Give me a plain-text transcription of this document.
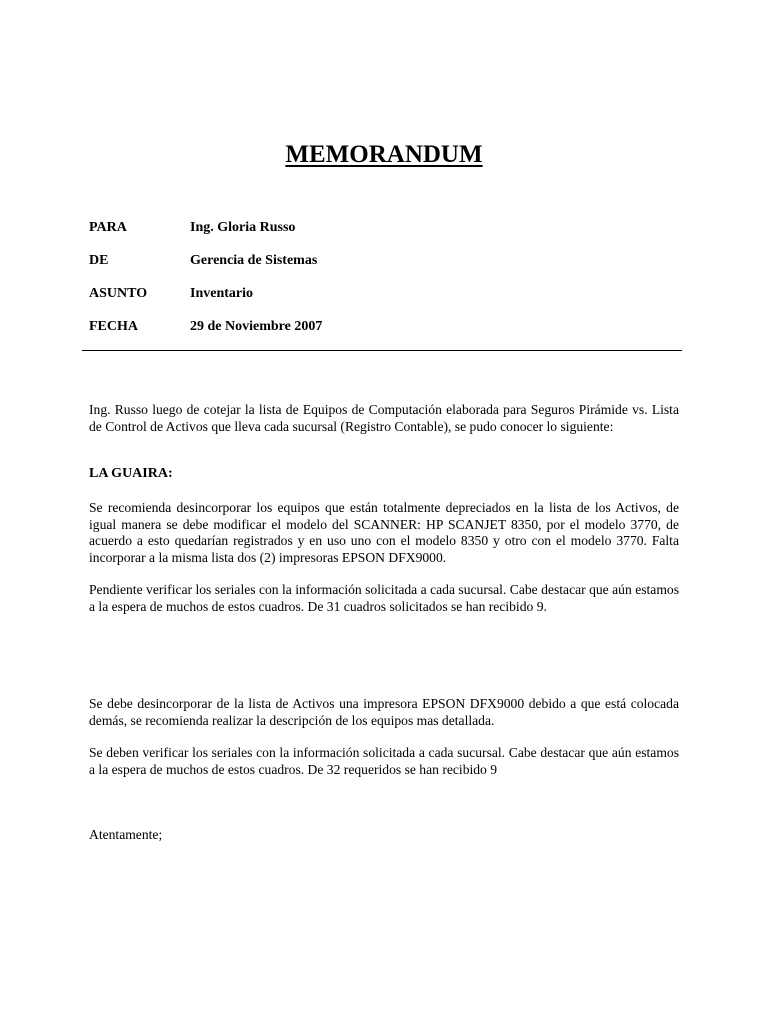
MEMORANDUM
PARA	Ing. Gloria Russo
DE	Gerencia de Sistemas
ASUNTO	Inventario
FECHA	29 de Noviembre 2007
Ing. Russo luego de cotejar la lista de Equipos de Computación elaborada para Seguros Pirámide vs. Lista de Control de Activos que lleva cada sucursal (Registro Contable), se pudo conocer lo siguiente:
LA GUAIRA:
Se recomienda desincorporar los equipos que están totalmente depreciados en la lista de los Activos, de igual manera se debe modificar el modelo del SCANNER: HP SCANJET 8350, por el modelo 3770, de acuerdo a esto quedarían registrados y en uso uno con el modelo 8350 y otro con el modelo 3770. Falta incorporar a la misma lista dos (2) impresoras EPSON DFX9000.
Pendiente verificar los seriales con la información solicitada a cada sucursal. Cabe destacar que aún estamos a la espera de muchos de estos cuadros. De 31 cuadros solicitados se han recibido 9.
Se debe desincorporar de la lista de Activos una impresora EPSON DFX9000 debido a que está colocada demás, se recomienda realizar la descripción de los equipos mas detallada.
Se deben verificar los seriales con la información solicitada a cada sucursal. Cabe destacar que aún estamos a la espera de muchos de estos cuadros. De 32 requeridos se han recibido 9
Atentamente;
